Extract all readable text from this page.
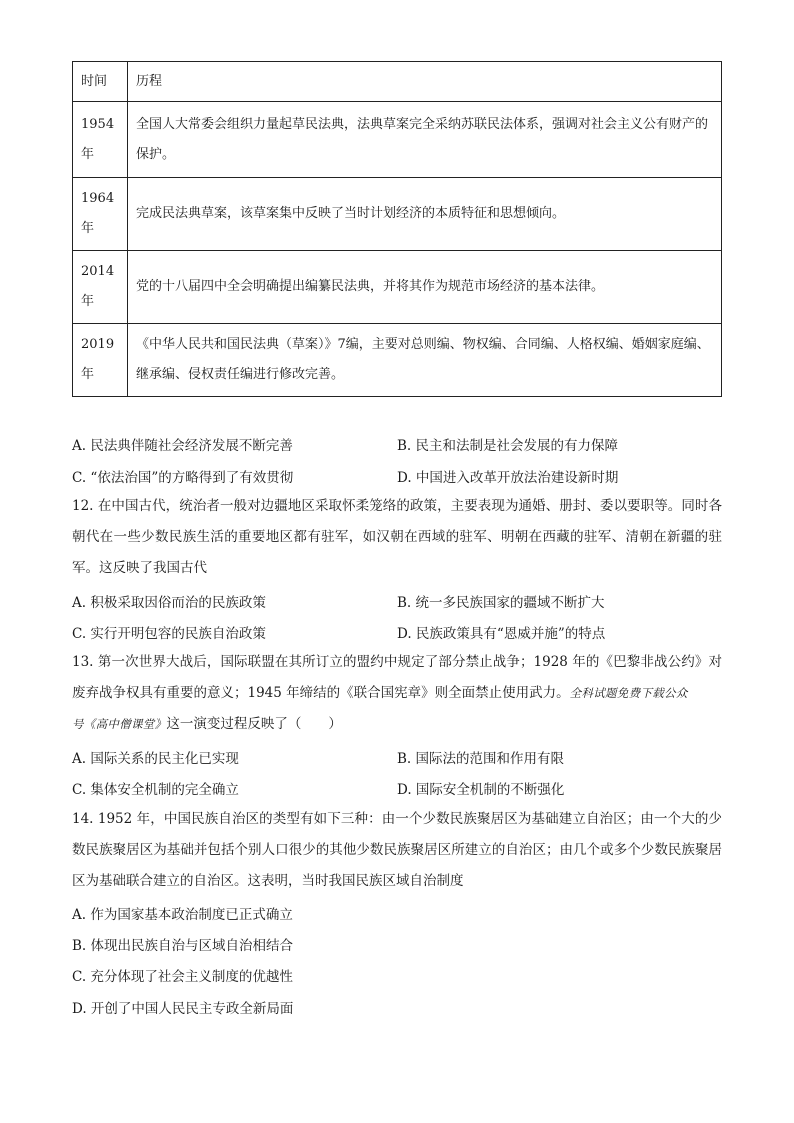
时间	历程
1954
年	全国人大常委会组织力量起草民法典，法典草案完全采纳苏联民法体系，强调对社会主义公有财产的保护。
1964
年	完成民法典草案，该草案集中反映了当时计划经济的本质特征和思想倾向。
2014
年	党的十八届四中全会明确提出编纂民法典，并将其作为规范市场经济的基本法律。
2019
年	《中华人民共和国民法典（草案）》7编，主要对总则编、物权编、合同编、人格权编、婚姻家庭编、继承编、侵权责任编进行修改完善。
A. 民法典伴随社会经济发展不断完善	B. 民主和法制是社会发展的有力保障
C. “依法治国”的方略得到了有效贯彻	D. 中国进入改革开放法治建设新时期
12. 在中国古代，统治者一般对边疆地区采取怀柔笼络的政策，主要表现为通婚、册封、委以要职等。同时各朝代在一些少数民族生活的重要地区都有驻军，如汉朝在西域的驻军、明朝在西藏的驻军、清朝在新疆的驻军。这反映了我国古代
A. 积极采取因俗而治的民族政策	B. 统一多民族国家的疆域不断扩大
C. 实行开明包容的民族自治政策	D. 民族政策具有“恩威并施”的特点
13. 第一次世界大战后，国际联盟在其所订立的盟约中规定了部分禁止战争；1928 年的《巴黎非战公约》对废弃战争权具有重要的意义；1945 年缔结的《联合国宪章》则全面禁止使用武力。全科试题免费下载公众
号《高中僧课堂》这一演变过程反映了（　　）
A. 国际关系的民主化已实现	B. 国际法的范围和作用有限
C. 集体安全机制的完全确立	D. 国际安全机制的不断强化
14. 1952 年，中国民族自治区的类型有如下三种：由一个少数民族聚居区为基础建立自治区；由一个大的少数民族聚居区为基础并包括个别人口很少的其他少数民族聚居区所建立的自治区；由几个或多个少数民族聚居区为基础联合建立的自治区。这表明，当时我国民族区域自治制度
A. 作为国家基本政治制度已正式确立
B. 体现出民族自治与区域自治相结合
C. 充分体现了社会主义制度的优越性
D. 开创了中国人民民主专政全新局面
